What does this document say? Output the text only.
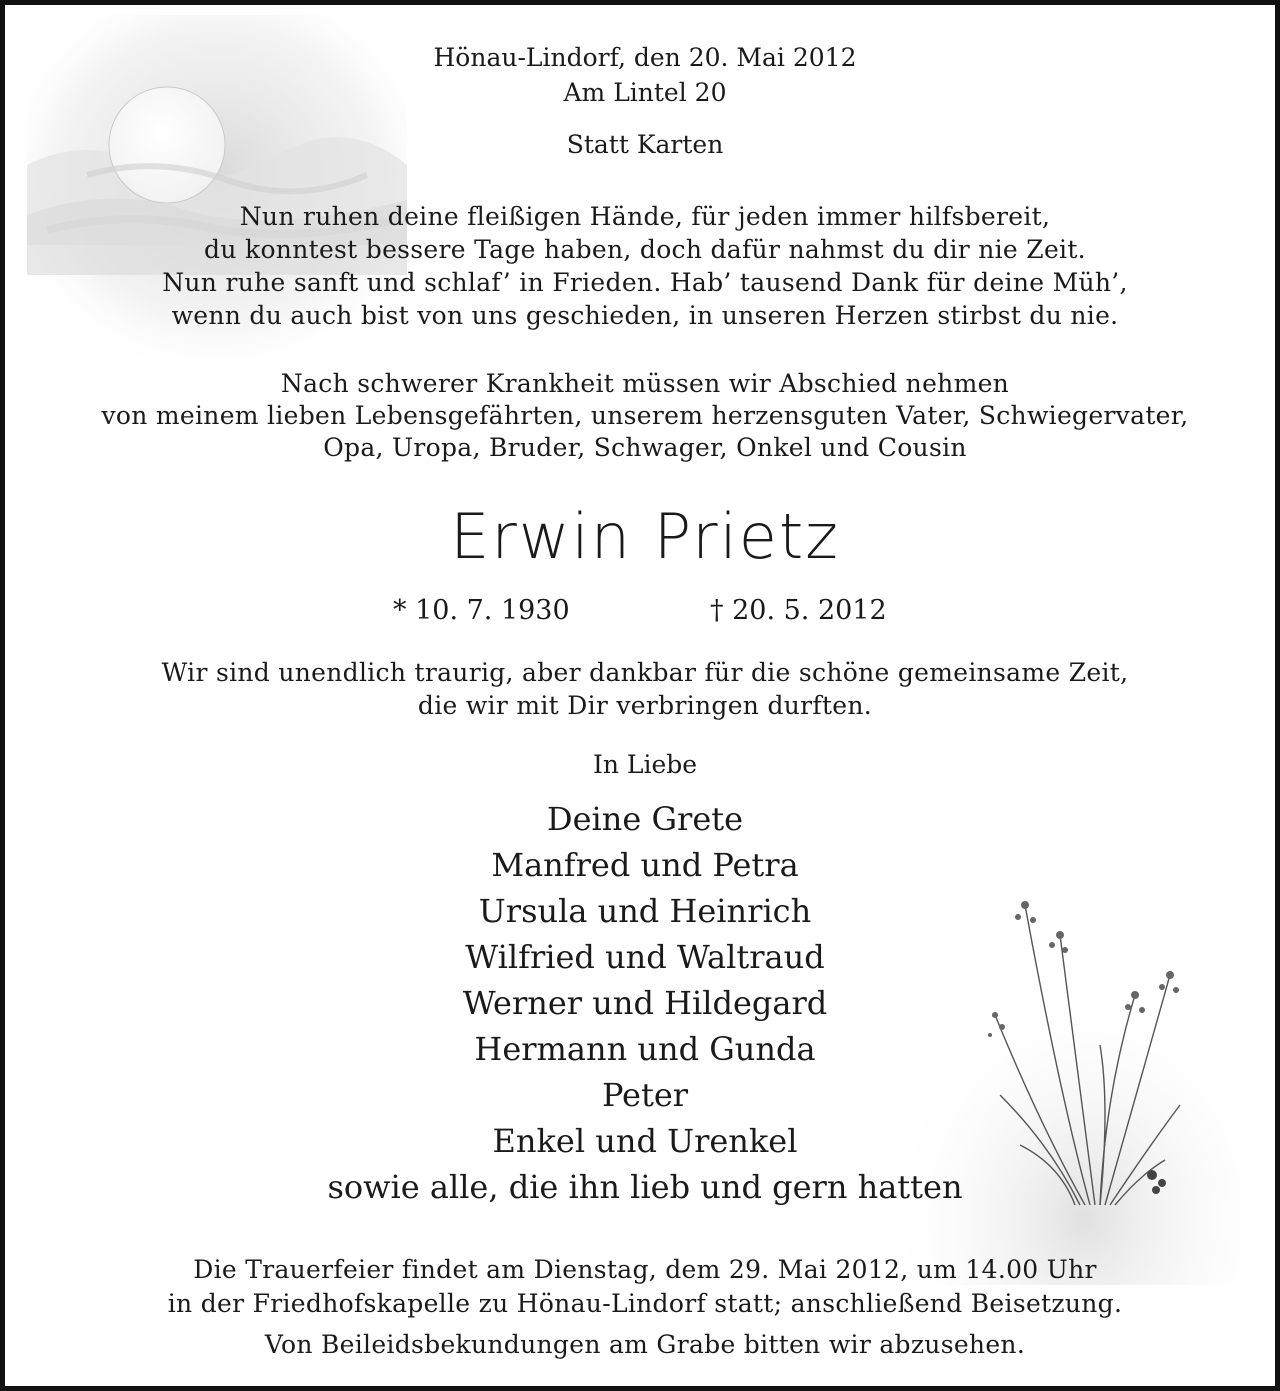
Hönau-Lindorf, den 20. Mai 2012
Am Lintel 20
Statt Karten
Nun ruhen deine fleißigen Hände, für jeden immer hilfsbereit,
du konntest bessere Tage haben, doch dafür nahmst du dir nie Zeit.
Nun ruhe sanft und schlaf’ in Frieden. Hab’ tausend Dank für deine Müh’,
wenn du auch bist von uns geschieden, in unseren Herzen stirbst du nie.
Nach schwerer Krankheit müssen wir Abschied nehmen
von meinem lieben Lebensgefährten, unserem herzensguten Vater, Schwiegervater,
Opa, Uropa, Bruder, Schwager, Onkel und Cousin
Erwin Prietz
* 10. 7. 1930	† 20. 5. 2012
Wir sind unendlich traurig, aber dankbar für die schöne gemeinsame Zeit,
die wir mit Dir verbringen durften.
In Liebe
Deine Grete
Manfred und Petra
Ursula und Heinrich
Wilfried und Waltraud
Werner und Hildegard
Hermann und Gunda
Peter
Enkel und Urenkel
sowie alle, die ihn lieb und gern hatten
Die Trauerfeier findet am Dienstag, dem 29. Mai 2012, um 14.00 Uhr
in der Friedhofskapelle zu Hönau-Lindorf statt; anschließend Beisetzung.
Von Beileidsbekundungen am Grabe bitten wir abzusehen.
